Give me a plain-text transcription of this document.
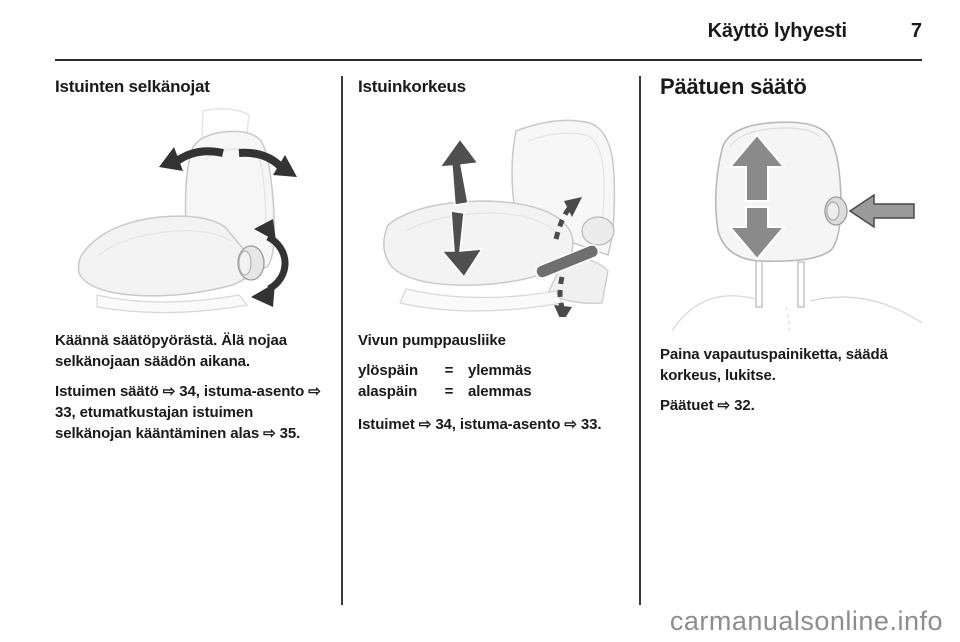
Käyttö lyhyesti	7
Istuinten selkänojat

Käännä säätöpyörästä. Älä nojaa selkänojaan säädön aikana.

Istuimen säätö ⇨ 34, istuma-asento ⇨ 33, etumatkustajan istuimen selkänojan kääntäminen alas ⇨ 35.

Istuinkorkeus

Vivun pumppausliike

ylöspäin	= ylemmäs
alaspäin	= alemmas

Istuimet ⇨ 34, istuma-asento ⇨ 33.

Päätuen säätö

Paina vapautuspainiketta, säädä korkeus, lukitse.

Päätuet ⇨ 32.

carmanualsonline.info
